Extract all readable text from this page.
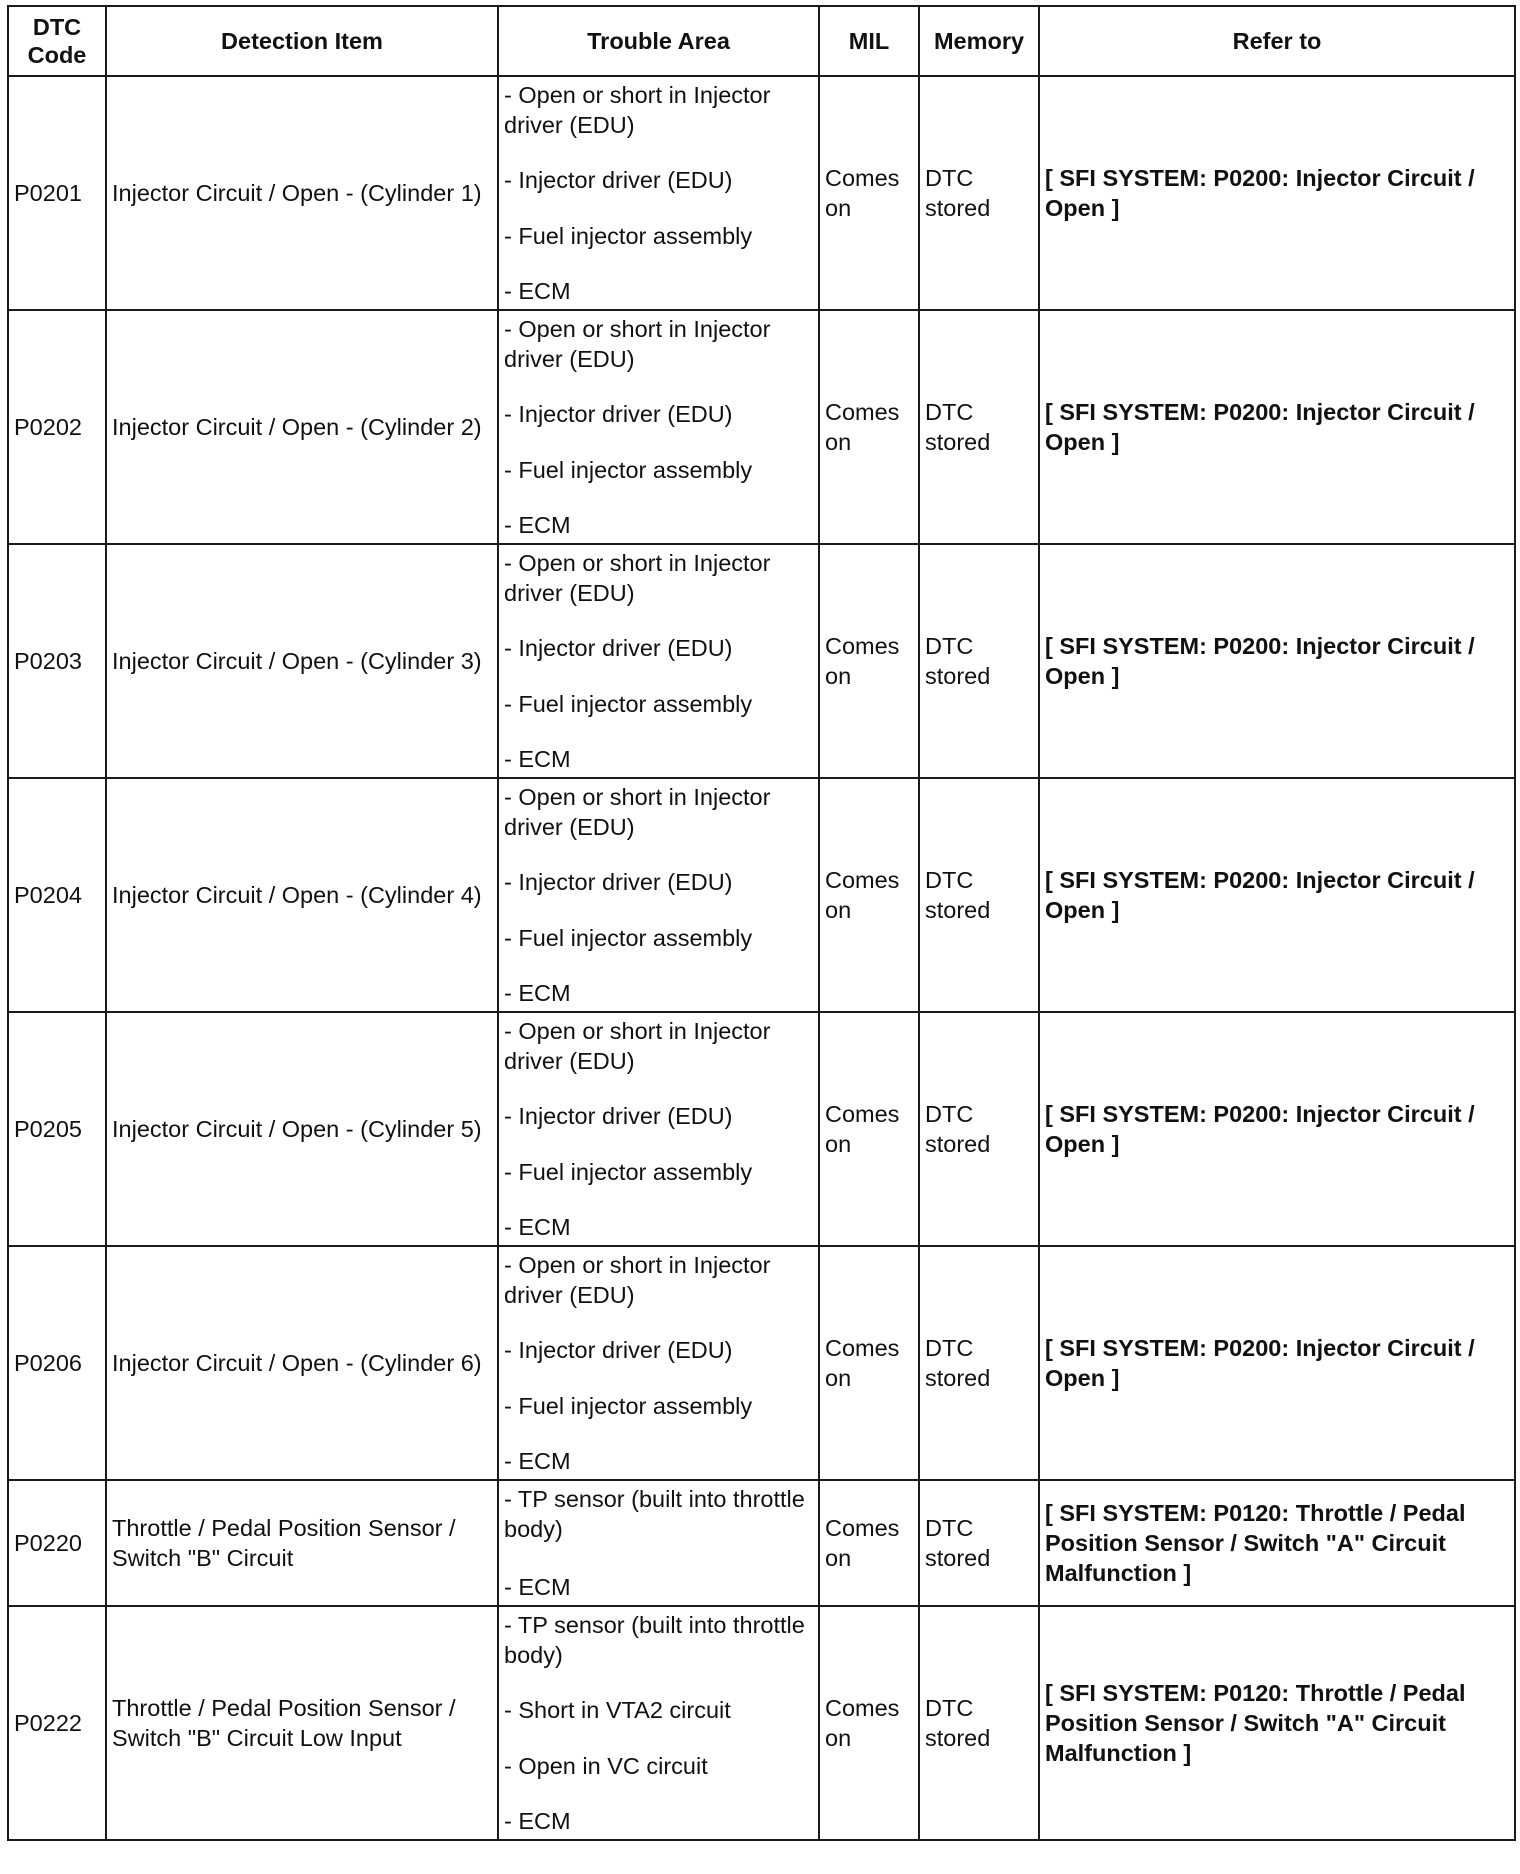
DTC Code	Detection Item	Trouble Area	MIL	Memory	Refer to
P0201	Injector Circuit / Open - (Cylinder 1)	- Open or short in Injector driver (EDU)
- Injector driver (EDU)
- Fuel injector assembly
- ECM	Comes on	DTC stored	[ SFI SYSTEM: P0200: Injector Circuit / Open ]
P0202	Injector Circuit / Open - (Cylinder 2)	- Open or short in Injector driver (EDU)
- Injector driver (EDU)
- Fuel injector assembly
- ECM	Comes on	DTC stored	[ SFI SYSTEM: P0200: Injector Circuit / Open ]
P0203	Injector Circuit / Open - (Cylinder 3)	- Open or short in Injector driver (EDU)
- Injector driver (EDU)
- Fuel injector assembly
- ECM	Comes on	DTC stored	[ SFI SYSTEM: P0200: Injector Circuit / Open ]
P0204	Injector Circuit / Open - (Cylinder 4)	- Open or short in Injector driver (EDU)
- Injector driver (EDU)
- Fuel injector assembly
- ECM	Comes on	DTC stored	[ SFI SYSTEM: P0200: Injector Circuit / Open ]
P0205	Injector Circuit / Open - (Cylinder 5)	- Open or short in Injector driver (EDU)
- Injector driver (EDU)
- Fuel injector assembly
- ECM	Comes on	DTC stored	[ SFI SYSTEM: P0200: Injector Circuit / Open ]
P0206	Injector Circuit / Open - (Cylinder 6)	- Open or short in Injector driver (EDU)
- Injector driver (EDU)
- Fuel injector assembly
- ECM	Comes on	DTC stored	[ SFI SYSTEM: P0200: Injector Circuit / Open ]
P0220	Throttle / Pedal Position Sensor / Switch "B" Circuit	- TP sensor (built into throttle body)
- ECM	Comes on	DTC stored	[ SFI SYSTEM: P0120: Throttle / Pedal Position Sensor / Switch "A" Circuit Malfunction ]
P0222	Throttle / Pedal Position Sensor / Switch "B" Circuit Low Input	- TP sensor (built into throttle body)
- Short in VTA2 circuit
- Open in VC circuit
- ECM	Comes on	DTC stored	[ SFI SYSTEM: P0120: Throttle / Pedal Position Sensor / Switch "A" Circuit Malfunction ]
